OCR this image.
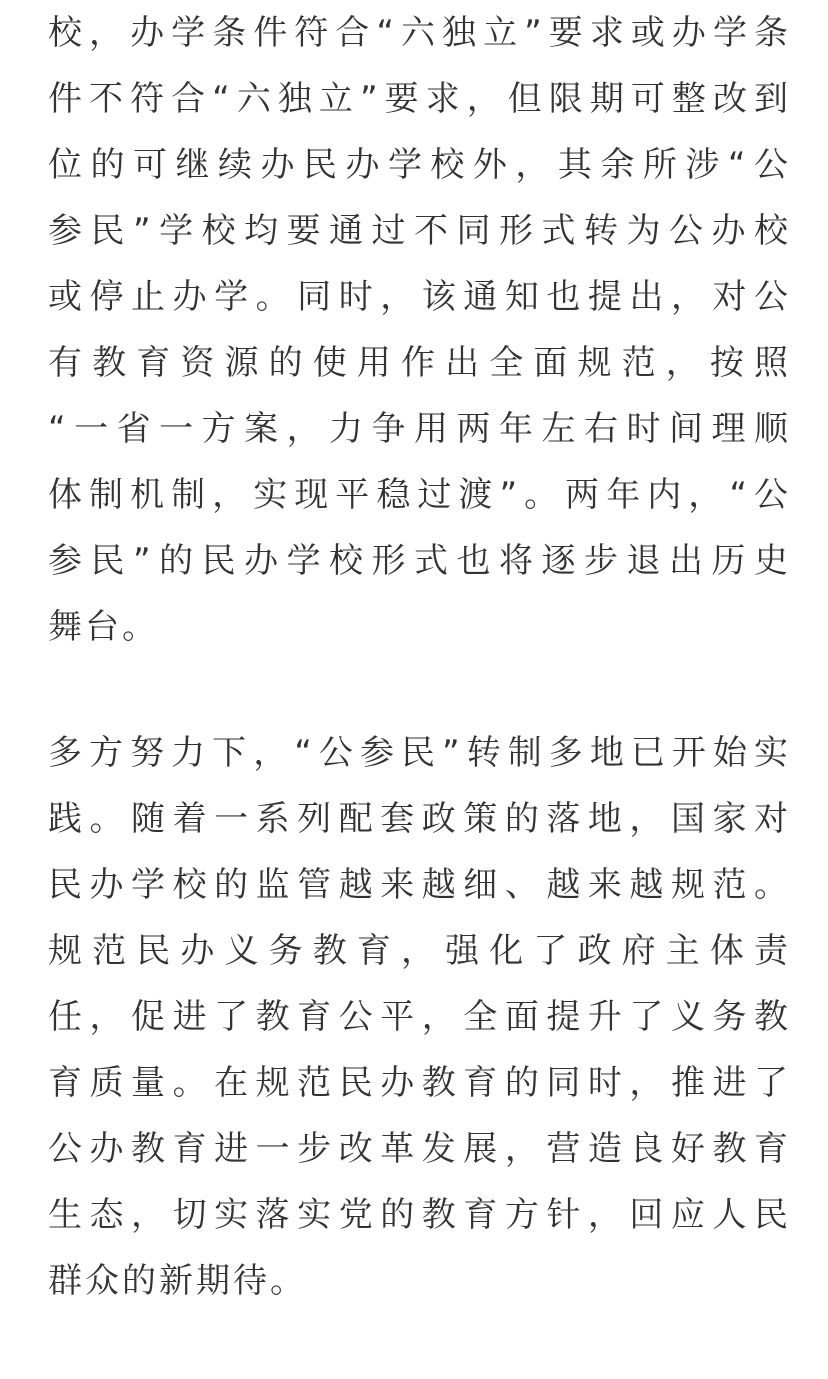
校，办学条件符合“六独立”要求或办学条
件不符合“六独立”要求，但限期可整改到
位的可继续办民办学校外，其余所涉“公
参民”学校均要通过不同形式转为公办校
或停止办学。同时，该通知也提出，对公
有教育资源的使用作出全面规范，按照
“一省一方案，力争用两年左右时间理顺
体制机制，实现平稳过渡”。两年内，“公
参民”的民办学校形式也将逐步退出历史
舞台。
多方努力下，“公参民”转制多地已开始实
践。随着一系列配套政策的落地，国家对
民办学校的监管越来越细、越来越规范。
规范民办义务教育，强化了政府主体责
任，促进了教育公平，全面提升了义务教
育质量。在规范民办教育的同时，推进了
公办教育进一步改革发展，营造良好教育
生态，切实落实党的教育方针，回应人民
群众的新期待。
